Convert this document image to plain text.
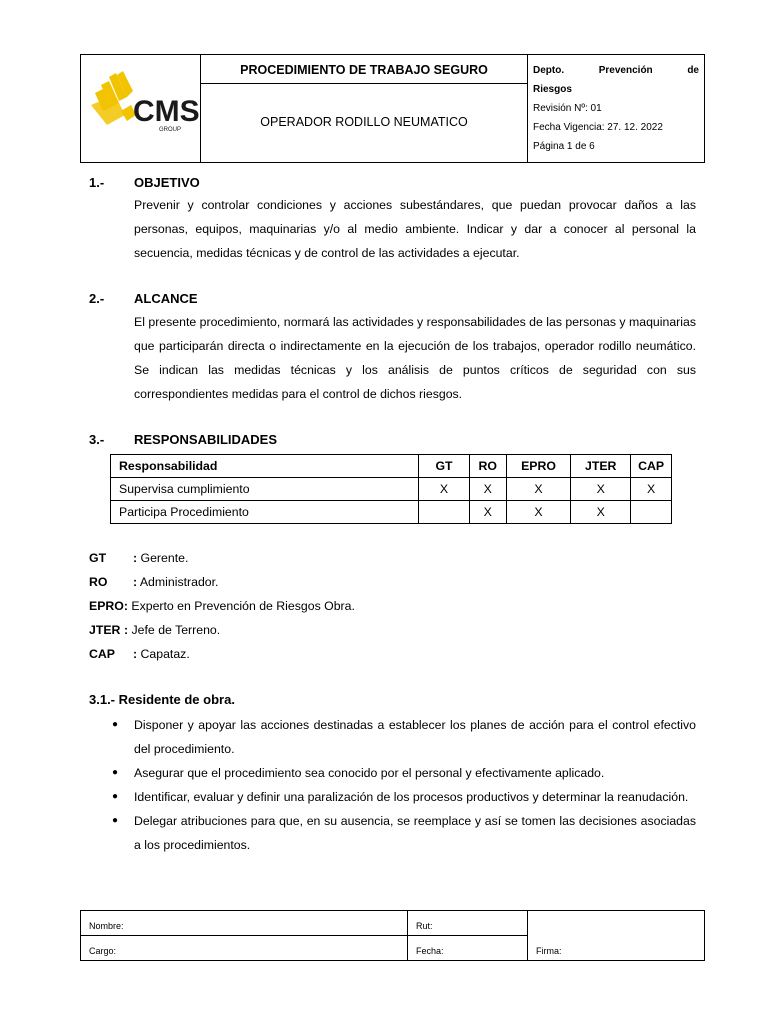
CMS
GROUP

PROCEDIMIENTO DE TRABAJO SEGURO
OPERADOR RODILLO NEUMATICO

Depto.	Prevención	de
Riesgos
Revisión Nº: 01
Fecha Vigencia: 27. 12. 2022
Página 1 de 6
1.- OBJETIVO
Prevenir y controlar condiciones y acciones subestándares, que puedan provocar daños a las personas, equipos, maquinarias y/o al medio ambiente. Indicar y dar a conocer al personal la secuencia, medidas técnicas y de control de las actividades a ejecutar.
2.- ALCANCE
El presente procedimiento, normará las actividades y responsabilidades de las personas y maquinarias que participarán directa o indirectamente en la ejecución de los trabajos, operador rodillo neumático. Se indican las medidas técnicas y los análisis de puntos críticos de seguridad con sus correspondientes medidas para el control de dichos riesgos.
3.- RESPONSABILIDADES
Responsabilidad	GT	RO	EPRO	JTER	CAP
Supervisa cumplimiento	X	X	X	X	X
Participa Procedimiento		X	X	X	
GT : Gerente.
RO : Administrador.
EPRO: Experto en Prevención de Riesgos Obra.
JTER : Jefe de Terreno.
CAP : Capataz.
3.1.- Residente de obra.
● Disponer y apoyar las acciones destinadas a establecer los planes de acción para el control efectivo del procedimiento.
● Asegurar que el procedimiento sea conocido por el personal y efectivamente aplicado.
● Identificar, evaluar y definir una paralización de los procesos productivos y determinar la reanudación.
● Delegar atribuciones para que, en su ausencia, se reemplace y así se tomen las decisiones asociadas a los procedimientos.
Nombre:	Rut:	Firma:
Cargo:	Fecha:	
